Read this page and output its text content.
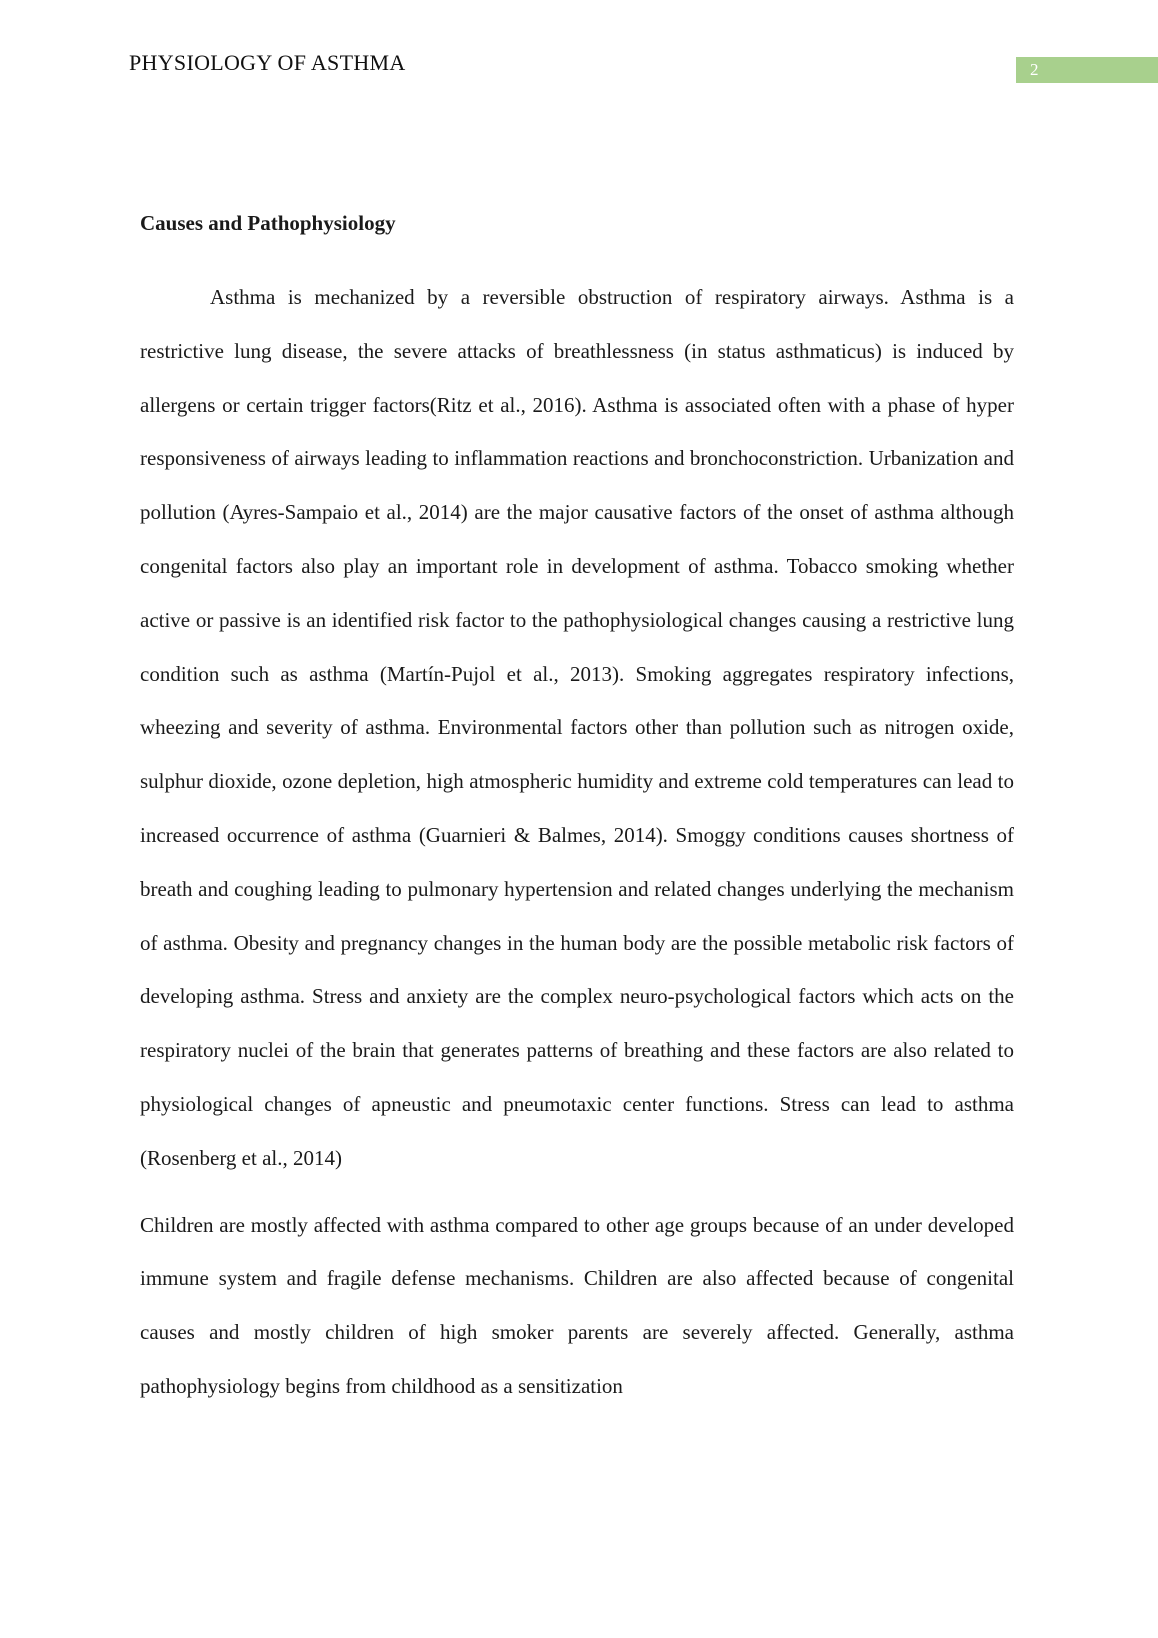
PHYSIOLOGY OF ASTHMA	2
Causes and Pathophysiology

Asthma is mechanized by a reversible obstruction of respiratory airways. Asthma is a restrictive lung disease, the severe attacks of breathlessness (in status asthmaticus) is induced by allergens or certain trigger factors(Ritz et al., 2016). Asthma is associated often with a phase of hyper responsiveness of airways leading to inflammation reactions and bronchoconstriction. Urbanization and pollution (Ayres-Sampaio et al., 2014) are the major causative factors of the onset of asthma although congenital factors also play an important role in development of asthma. Tobacco smoking whether active or passive is an identified risk factor to the pathophysiological changes causing a restrictive lung condition such as asthma (Martín-Pujol et al., 2013). Smoking aggregates respiratory infections, wheezing and severity of asthma. Environmental factors other than pollution such as nitrogen oxide, sulphur dioxide, ozone depletion, high atmospheric humidity and extreme cold temperatures can lead to increased occurrence of asthma (Guarnieri & Balmes, 2014). Smoggy conditions causes shortness of breath and coughing leading to pulmonary hypertension and related changes underlying the mechanism of asthma. Obesity and pregnancy changes in the human body are the possible metabolic risk factors of developing asthma. Stress and anxiety are the complex neuro-psychological factors which acts on the respiratory nuclei of the brain that generates patterns of breathing and these factors are also related to physiological changes of apneustic and pneumotaxic center functions. Stress can lead to asthma (Rosenberg et al., 2014)

Children are mostly affected with asthma compared to other age groups because of an under developed immune system and fragile defense mechanisms. Children are also affected because of congenital causes and mostly children of high smoker parents are severely affected. Generally, asthma pathophysiology begins from childhood as a sensitization
